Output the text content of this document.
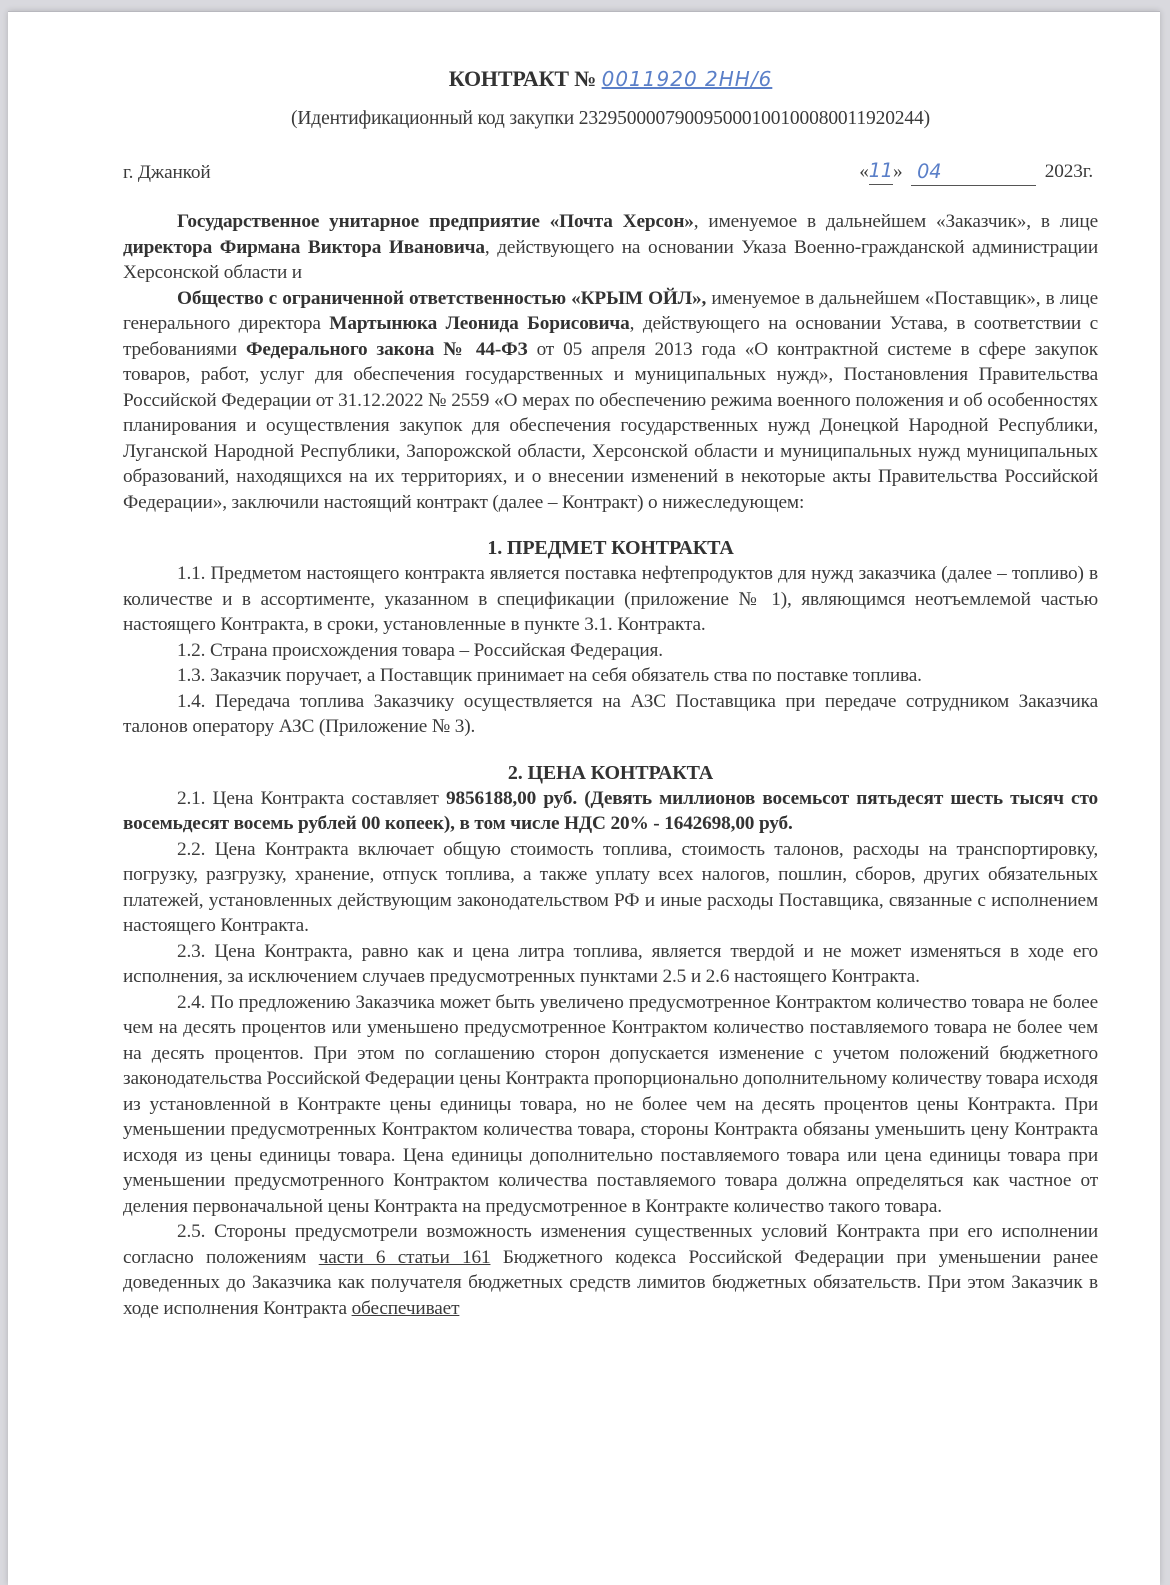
КОНТРАКТ № 0011920 2НН/6
(Идентификационный код закупки 232950000790095000100100080011920244)
г. Джанкой	«11» 04	2023г.

Государственное унитарное предприятие «Почта Херсон», именуемое в дальнейшем «Заказчик», в лице директора Фирмана Виктора Ивановича, действующего на основании Указа Военно-гражданской администрации Херсонской области и

Общество с ограниченной ответственностью «КРЫМ ОЙЛ», именуемое в дальнейшем «Поставщик», в лице генерального директора Мартынюка Леонида Борисовича, действующего на основании Устава, в соответствии с требованиями Федерального закона № 44-ФЗ от 05 апреля 2013 года «О контрактной системе в сфере закупок товаров, работ, услуг для обеспечения государственных и муниципальных нужд», Постановления Правительства Российской Федерации от 31.12.2022 № 2559 «О мерах по обеспечению режима военного положения и об особенностях планирования и осуществления закупок для обеспечения государственных нужд Донецкой Народной Республики, Луганской Народной Республики, Запорожской области, Херсонской области и муниципальных нужд муниципальных образований, находящихся на их территориях, и о внесении изменений в некоторые акты Правительства Российской Федерации», заключили настоящий контракт (далее – Контракт) о нижеследующем:

1. ПРЕДМЕТ КОНТРАКТА

1.1. Предметом настоящего контракта является поставка нефтепродуктов для нужд заказчика (далее – топливо) в количестве и в ассортименте, указанном в спецификации (приложение № 1), являющимся неотъемлемой частью настоящего Контракта, в сроки, установленные в пункте 3.1. Контракта.

1.2. Страна происхождения товара – Российская Федерация.

1.3. Заказчик поручает, а Поставщик принимает на себя обязатель ства по поставке топлива.

1.4. Передача топлива Заказчику осуществляется на АЗС Поставщика при передаче сотрудником Заказчика талонов оператору АЗС (Приложение № 3).

2. ЦЕНА КОНТРАКТА

2.1. Цена Контракта составляет 9856188,00 руб. (Девять миллионов восемьсот пятьдесят шесть тысяч сто восемьдесят восемь рублей 00 копеек), в том числе НДС 20% - 1642698,00 руб.

2.2. Цена Контракта включает общую стоимость топлива, стоимость талонов, расходы на транспортировку, погрузку, разгрузку, хранение, отпуск топлива, а также уплату всех налогов, пошлин, сборов, других обязательных платежей, установленных действующим законодательством РФ и иные расходы Поставщика, связанные с исполнением настоящего Контракта.

2.3. Цена Контракта, равно как и цена литра топлива, является твердой и не может изменяться в ходе его исполнения, за исключением случаев предусмотренных пунктами 2.5 и 2.6 настоящего Контракта.

2.4. По предложению Заказчика может быть увеличено предусмотренное Контрактом количество товара не более чем на десять процентов или уменьшено предусмотренное Контрактом количество поставляемого товара не более чем на десять процентов. При этом по соглашению сторон допускается изменение с учетом положений бюджетного законодательства Российской Федерации цены Контракта пропорционально дополнительному количеству товара исходя из установленной в Контракте цены единицы товара, но не более чем на десять процентов цены Контракта. При уменьшении предусмотренных Контрактом количества товара, стороны Контракта обязаны уменьшить цену Контракта исходя из цены единицы товара. Цена единицы дополнительно поставляемого товара или цена единицы товара при уменьшении предусмотренного Контрактом количества поставляемого товара должна определяться как частное от деления первоначальной цены Контракта на предусмотренное в Контракте количество такого товара.

2.5. Стороны предусмотрели возможность изменения существенных условий Контракта при его исполнении согласно положениям части 6 статьи 161 Бюджетного кодекса Российской Федерации при уменьшении ранее доведенных до Заказчика как получателя бюджетных средств лимитов бюджетных обязательств. При этом Заказчик в ходе исполнения Контракта обеспечивает
